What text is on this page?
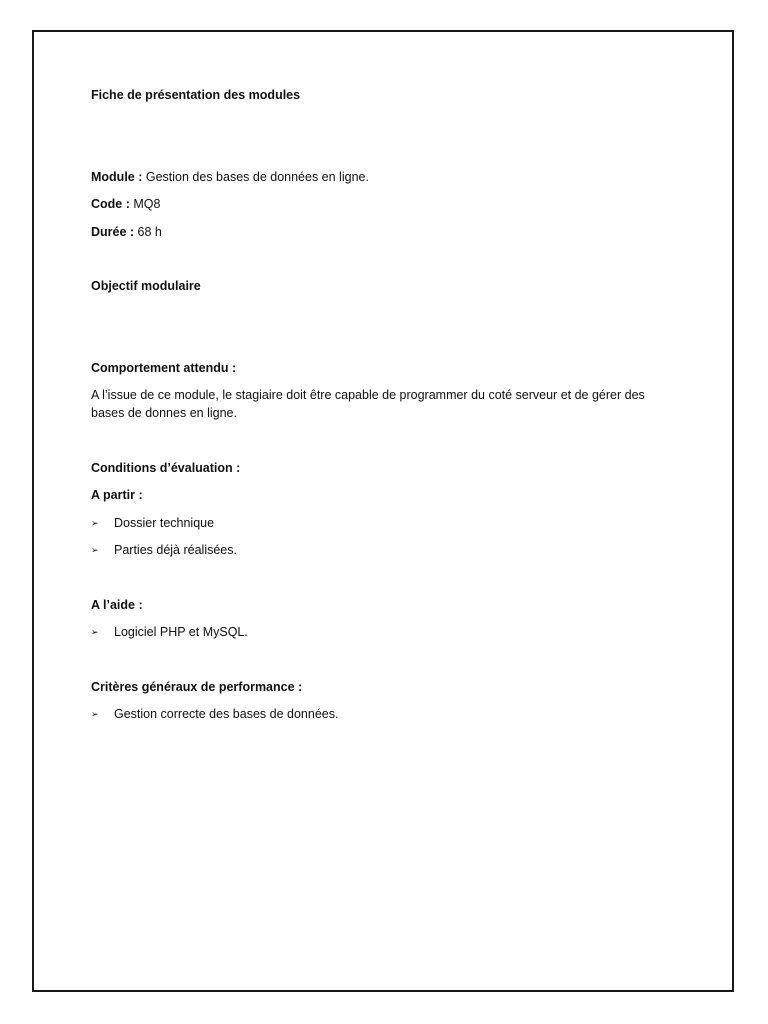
Fiche de présentation des modules
Module : Gestion des bases de données en ligne.
Code : MQ8
Durée : 68 h
Objectif modulaire
Comportement attendu :
A l’issue de ce module, le stagiaire doit être capable de programmer du coté serveur et de gérer des bases de donnes en ligne.
Conditions d’évaluation :
A partir :
➢ Dossier technique
➢ Parties déjà réalisées.
A l’aide :
➢ Logiciel PHP et MySQL.
Critères généraux de performance :
➢ Gestion correcte des bases de données.
